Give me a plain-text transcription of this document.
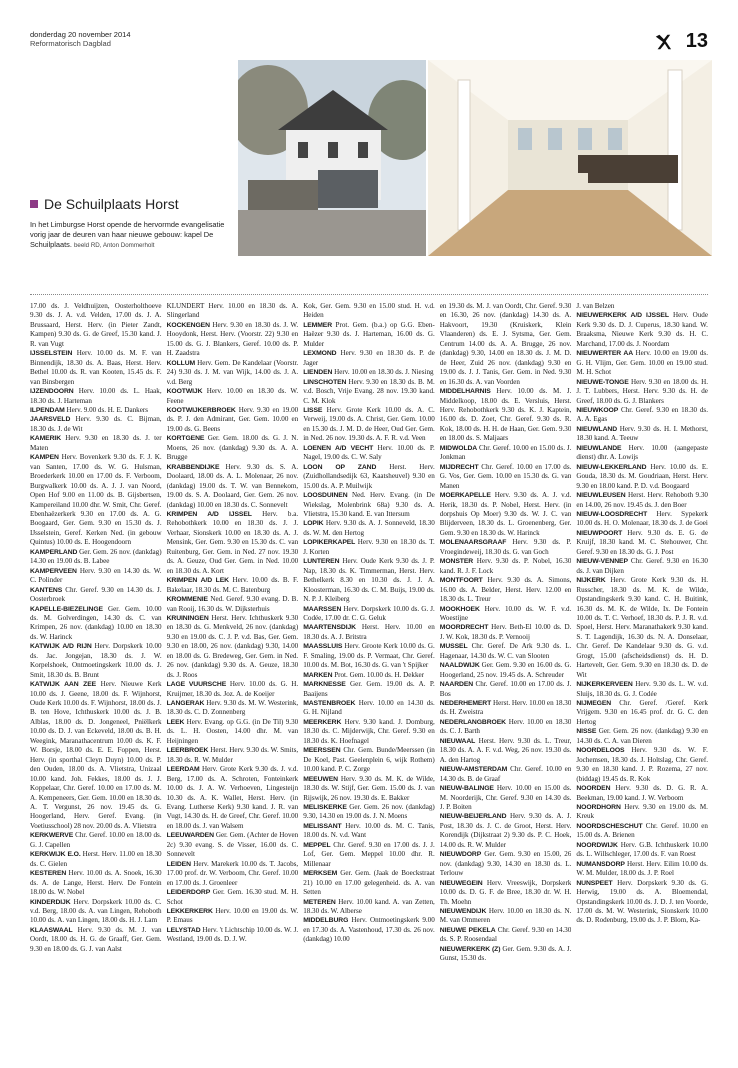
donderdag 20 november 2014
Reformatorisch Dagblad	13
De Schuilplaats Horst
In het Limburgse Horst opende de hervormde evangelisatie vorig jaar de deuren van haar nieuwe gebouw: kapel De Schuilplaats. beeld RD, Anton Dommerholt

17.00 ds. J. Veldhuijzen, Oosterholthoeve 9.30 ds. J. A. v.d. Velden, 17.00 ds. J. A. Brussaard, Herst. Herv. (in Pieter Zandt, Kampen) 9.30 ds. G. de Greef, 15.30 kand. J. R. van Vugt

IJSSELSTEIN Herv. 10.00 ds. M. F. van Binnendijk, 18.30 ds. A. Baas, Herst. Herv. Bethel 10.00 ds. R. van Kooten, 15.45 ds. F. van Binsbergen

IJZENDOORN Herv. 10.00 ds. L. Haak, 18.30 ds. J. Harteman

ILPENDAM Herv. 9.00 ds. H. E. Dankers

JAARSVELD Herv. 9.30 ds. C. Bijman, 18.30 ds. J. de Wit

KAMERIK Herv. 9.30 en 18.30 ds. J. ter Maten

KAMPEN Herv. Bovenkerk 9.30 ds. F. J. K. van Santen, 17.00 ds. W. G. Hulsman, Broederkerk 10.00 en 17.00 ds. F. Verboom, Burgwalkerk 10.00 ds. A. J. J. van Noord, Open Hof 9.00 en 11.00 ds. B. Gijsbertsen, Kampereiland 10.00 dhr. W. Smit, Chr. Geref. Ebenhaëzerkerk 9.30 en 17.00 ds. A. G. Boogaard, Ger. Gem. 9.30 en 15.30 ds. J. IJsselstein, Geref. Kerken Ned. (in gebouw Quintus) 10.00 ds. E. Hoogendoorn

KAMPERLAND Ger. Gem. 26 nov. (dankdag) 14.30 en 19.00 ds. B. Labee

KAMPERVEEN Herv. 9.30 en 14.30 ds. W. C. Polinder

KANTENS Chr. Geref. 9.30 en 14.30 ds. J. Oosterbroek

KAPELLE-BIEZELINGE Ger. Gem. 10.00 ds. M. Golverdingen, 14.30 ds. C. van Krimpen, 26 nov. (dankdag) 10.00 en 18.30 ds. W. Harinck

KATWIJK A/D RIJN Herv. Dorpskerk 10.00 ds. Jac. Jongejan, 18.30 ds. J. W. Korpelshoek, Ontmoetingskerk 10.00 ds. J. Smit, 18.30 ds. B. Brunt

KATWIJK AAN ZEE Herv. Nieuwe Kerk 10.00 ds. J. Geene, 18.00 ds. F. Wijnhorst, Oude Kerk 10.00 ds. F. Wijnhorst, 18.00 ds. J. B. ten Hove, Ichthuskerk 10.00 ds. J. B. Alblas, 18.00 ds. D. Jongeneel, Pniëlkerk 10.00 ds. D. J. van Eckeveld, 18.00 ds. B. H. Weegink, Maranathacentrum 10.00 ds. K. F. W. Borsje, 18.00 ds. E. E. Foppen, Herst. Herv. (in sporthal Cleyn Duyn) 10.00 ds. P. den Ouden, 18.00 ds. A. Vlietstra, Unizaal 10.00 kand. Joh. Fekkes, 18.00 ds. J. J. Koppelaar, Chr. Geref. 10.00 en 17.00 ds. M. A. Kempeneers, Ger. Gem. 10.00 en 18.30 ds. A. T. Vergunst, 26 nov. 19.45 ds. G. Hoogerland, Herv. Geref. Evang. (in Voetiusschool) 28 nov. 20.00 ds. A. Vlietstra

KERKWERVE Chr. Geref. 10.00 en 18.00 ds. G. J. Capellen

KERKWIJK E.O. Herst. Herv. 11.00 en 18.30 ds. C. Gielen

KESTEREN Herv. 10.00 ds. A. Snoek, 16.30 ds. A. de Lange, Herst. Herv. De Fontein 18.00 ds. W. Nobel

KINDERDIJK Herv. Dorpskerk 10.00 ds. C. v.d. Berg, 18.00 ds. A. van Lingen, Rehoboth 10.00 ds. A. van Lingen, 18.00 ds. H. J. Lam

KLAASWAAL Herv. 9.30 ds. M. J. van Oordt, 18.00 ds. H. G. de Graaff, Ger. Gem. 9.30 en 18.00 ds. G. J. van Aalst

KLUNDERT Herv. 10.00 en 18.30 ds. A. Slingerland

KOCKENGEN Herv. 9.30 en 18.30 ds. J. W. Hooydonk, Herst. Herv. (Voorstr. 22) 9.30 en 15.00 ds. G. J. Blankers, Geref. 10.00 ds. P. H. Zaadstra

KOLLUM Herv. Gem. De Kandelaar (Voorstr. 24) 9.30 ds. J. M. van Wijk, 14.00 ds. J. A. v.d. Berg

KOOTWIJK Herv. 10.00 en 18.30 ds. W. Feene

KOOTWIJKERBROEK Herv. 9.30 en 19.00 ds. P. J. den Admirant, Ger. Gem. 10.00 en 19.00 ds. G. Beens

KORTGENE Ger. Gem. 18.00 ds. G. J. N. Moens, 26 nov. (dankdag) 9.30 ds. A. A. Brugge

KRABBENDIJKE Herv. 9.30 ds. S. A. Doolaard, 18.00 ds. A. L. Molenaar, 26 nov. (dankdag) 19.00 ds. T. W. van Bennekom, 19.00 ds. S. A. Doolaard, Ger. Gem. 26 nov. (dankdag) 10.00 en 18.30 ds. C. Sonnevelt

KRIMPEN A/D IJSSEL Herv. b.a. Rehobothkerk 10.00 en 18.30 ds. J. J. Verhaar, Sionskerk 10.00 en 18.30 ds. A. J. Mensink, Ger. Gem. 9.30 en 15.30 ds. C. van Ruitenburg, Ger. Gem. in Ned. 27 nov. 19.30 ds. A. Geuze, Oud Ger. Gem. in Ned. 10.00 en 18.30 ds. A. Kort

KRIMPEN A/D LEK Herv. 10.00 ds. B. F. Bakelaar, 18.30 ds. M. C. Batenburg

KROMMENIE Ned. Geref. 9.30 evang. D. B. van Rooij, 16.30 ds. W. Dijksterhuis

KRUININGEN Herst. Herv. Ichthuskerk 9.30 en 18.30 ds. G. Menkveld, 26 nov. (dankdag) 9.30 en 19.00 ds. C. J. P. v.d. Bas, Ger. Gem. 9.30 en 18.00, 26 nov. (dankdag) 9.30, 14.00 en 18.00 ds. G. Bredeweg, Ger. Gem. in Ned. 26 nov. (dankdag) 9.30 ds. A. Geuze, 18.30 ds. J. Roos

LAGE VUURSCHE Herv. 10.00 ds. G. H. Kruijmer, 18.30 ds. Joz. A. de Koeijer

LANGERAK Herv. 9.30 ds. M. W. Westerink, 18.30 ds. C. D. Zonnenberg

LEEK Herv. Evang. op G.G. (in De Til) 9.30 ds. L. H. Oosten, 14.00 dhr. M. van Heijningen

LEERBROEK Herst. Herv. 9.30 ds. W. Smits, 18.30 ds. R. W. Mulder

LEERDAM Herv. Grote Kerk 9.30 ds. J. v.d. Berg, 17.00 ds. A. Schroten, Fonteinkerk 10.00 ds. J. A. W. Verhoeven, Lingesteijn 10.30 ds. A. K. Wallet, Herst. Herv. (in Evang. Lutherse Kerk) 9.30 kand. J. R. van Vugt, 14.30 ds. H. de Greef, Chr. Geref. 10.00 en 18.00 ds. J. van Walsem

LEEUWARDEN Ger. Gem. (Achter de Hoven 2c) 9.30 evang. S. de Visser, 16.00 ds. C. Sonnevelt

LEIDEN Herv. Marekerk 10.00 ds. T. Jacobs, 17.00 prof. dr. W. Verboom, Chr. Geref. 10.00 en 17.00 ds. J. Groenleer

LEIDERDORP Ger. Gem. 16.30 stud. M. H. Schot

LEKKERKERK Herv. 10.00 en 19.00 ds. W. P. Emaus

LELYSTAD Herv. 't Lichtschip 10.00 ds. W. J. Westland, 19.00 ds. D. J. W.

Kok, Ger. Gem. 9.30 en 15.00 stud. H. v.d. Heiden

LEMMER Prot. Gem. (b.a.) op G.G. Eben-Haëzer 9.30 ds. J. Harteman, 16.00 ds. G. Mulder

LEXMOND Herv. 9.30 en 18.30 ds. P. de Jager

LIENDEN Herv. 10.00 en 18.30 ds. J. Niesing

LINSCHOTEN Herv. 9.30 en 18.30 ds. B. M. v.d. Bosch, Vrije Evang. 28 nov. 19.30 kand. C. M. Klok

LISSE Herv. Grote Kerk 10.00 ds. A. C. Verweij, 19.00 ds. A. Christ, Ger. Gem. 10.00 en 15.30 ds. J. M. D. de Heer, Oud Ger. Gem. in Ned. 26 nov. 19.30 ds. A. F. R. v.d. Veen

LOENEN A/D VECHT Herv. 10.00 ds. P. Nagel, 19.00 ds. C. W. Saly

LOON OP ZAND Herst. Herv. (Zuidhollandsedijk 63, Kaatsheuvel) 9.30 en 15.00 ds. A. P. Muilwijk

LOOSDUINEN Ned. Herv. Evang. (in De Wiekslag, Molenbrink 68a) 9.30 ds. A. Vlietstra, 15.30 kand. E. van Ittersum

LOPIK Herv. 9.30 ds. A. J. Sonneveld, 18.30 ds. W. M. den Hertog

LOPIKERKAPEL Herv. 9.30 en 18.30 ds. T. J. Korten

LUNTEREN Herv. Oude Kerk 9.30 ds. J. P. Nap, 18.30 ds. K. Timmerman, Herst. Herv. Bethelkerk 8.30 en 10.30 ds. J. J. A. Kloosterman, 16.30 ds. C. M. Buijs, 19.00 ds. N. P. J. Kleiberg

MAARSSEN Herv. Dorpskerk 10.00 ds. G. J. Codée, 17.00 dr. C. G. Geluk

MAARTENSDIJK Herst. Herv. 10.00 en 18.30 ds. A. J. Britstra

MAASSLUIS Herv. Groote Kerk 10.00 ds. G. F. Smaling, 19.00 ds. P. Vermaat, Chr. Geref. 10.00 ds. M. Bot, 16.30 ds. G. van 't Spijker

MARKEN Prot. Gem. 10.00 ds. H. Dekker

MARKNESSE Ger. Gem. 19.00 ds. A. P. Baaijens

MASTENBROEK Herv. 10.00 en 14.30 ds. G. H. Nijland

MEERKERK Herv. 9.30 kand. J. Domburg, 18.30 ds. C. Mijderwijk, Chr. Geref. 9.30 en 18.30 ds. K. Hoefnagel

MEERSSEN Chr. Gem. Bunde/Meerssen (in De Koel, Past. Geelenplein 6, wijk Rothem) 10.00 kand. P. C. Zorge

MEEUWEN Herv. 9.30 ds. M. K. de Wilde, 18.30 ds. W. Stijf, Ger. Gem. 15.00 ds. J. van Rijswijk, 26 nov. 19.30 ds. E. Bakker

MELISKERKE Ger. Gem. 26 nov. (dankdag) 9.30, 14.30 en 19.00 ds. J. N. Moens

MELISSANT Herv. 10.00 ds. M. C. Tanis, 18.00 ds. N. v.d. Want

MEPPEL Chr. Geref. 9.30 en 17.00 ds. J. J. Lof, Ger. Gem. Meppel 10.00 dhr. R. Millenaar

MERKSEM Ger. Gem. (Jaak de Boeckstraat 21) 10.00 en 17.00 gelegenheid. ds. A. van Setten

METEREN Herv. 10.00 kand. A. van Zetten, 18.30 ds. W. Alberse

MIDDELBURG Herv. Ontmoetingskerk 9.00 en 17.30 ds. A. Vastenhoud, 17.30 ds. 26 nov. (dankdag) 10.00

en 19.30 ds. M. J. van Oordt, Chr. Geref. 9.30 en 16.30, 26 nov. (dankdag) 14.30 ds. A. Hakvoort, 19.30 (Kruiskerk, Klein Vlaanderen) ds. E. J. Sytsma, Ger. Gem. Centrum 14.00 ds. A. A. Brugge, 26 nov. (dankdag) 9.30, 14.00 en 18.30 ds. J. M. D. de Heer, Zuid 26 nov. (dankdag) 9.30 en 19.00 ds. J. J. Tanis, Ger. Gem. in Ned. 9.30 en 16.30 ds. A. van Voorden

MIDDELHARNIS Herv. 10.00 ds. M. J. Middelkoop, 18.00 ds. E. Versluis, Herst. Herv. Rehobothkerk 9.30 ds. K. J. Kaptein, 16.00 ds. D. Zoet, Chr. Geref. 9.30 ds. R. Kok, 18.00 ds. H. H. de Haan, Ger. Gem. 9.30 en 18.00 ds. S. Maljaars

MIDWOLDA Chr. Geref. 10.00 en 15.00 ds. J. Jonkman

MIJDRECHT Chr. Geref. 10.00 en 17.00 ds. G. Vos, Ger. Gem. 10.00 en 15.30 ds. G. van Manen

MOERKAPELLE Herv. 9.30 ds. A. J. v.d. Herik, 18.30 ds. P. Nobel, Herst. Herv. (in dorpshuis Op Moer) 9.30 ds. W. J. C. van Blijderveen, 18.30 ds. L. Groenenberg, Ger. Gem. 9.30 en 18.30 ds. W. Harinck

MOLENAARSGRAAF Herv. 9.30 ds. P. Vroegindeweij, 18.30 ds. G. van Goch

MONSTER Herv. 9.30 ds. P. Nobel, 16.30 kand. R. J. F. Lock

MONTFOORT Herv. 9.30 ds. A. Simons, 16.00 ds. A. Belder, Herst. Herv. 12.00 en 18.30 ds. L. Treur

MOOKHOEK Herv. 10.00 ds. W. F. v.d. Woestijne

MOORDRECHT Herv. Beth-El 10.00 ds. D. J. W. Kok, 18.30 ds. P. Vernooij

MUSSEL Chr. Geref. De Ark 9.30 ds. L. Hagenaar, 14.30 ds. W. C. van Slooten

NAALDWIJK Ger. Gem. 9.30 en 16.00 ds. G. Hoogerland, 25 nov. 19.45 ds. A. Schreuder

NAARDEN Chr. Geref. 10.00 en 17.00 ds. J. Bos

NEDERHEMERT Herst. Herv. 10.00 en 18.30 ds. H. Zweistra

NEDERLANGBROEK Herv. 10.00 en 18.30 ds. C. J. Barth

NIEUWAAL Herst. Herv. 9.30 ds. L. Treur, 18.30 ds. A. A. F. v.d. Weg, 26 nov. 19.30 ds. A. den Hartog

NIEUW-AMSTERDAM Chr. Geref. 10.00 en 14.30 ds. B. de Graaf

NIEUW-BALINGE Herv. 10.00 en 15.00 ds. M. Noorderijk, Chr. Geref. 9.30 en 14.30 ds. J. P. Boiten

NIEUW-BEIJERLAND Herv. 9.30 ds. A. J. Post, 18.30 ds. J. C. de Groot, Herst. Herv. Korendijk (Dijkstraat 2) 9.30 ds. P. C. Hoek, 14.00 ds. R. W. Mulder

NIEUWDORP Ger. Gem. 9.30 en 15.00, 26 nov. (dankdag) 9.30, 14.30 en 18.30 ds. L. Terlouw

NIEUWEGEIN Herv. Vreeswijk, Dorpskerk 10.00 ds. D. G. F. de Bree, 18.30 dr. W. H. Th. Moehn

NIEUWENDIJK Herv. 10.00 en 18.30 ds. N. M. van Ommeren

NIEUWE PEKELA Chr. Geref. 9.30 en 14.30 ds. S. P. Roosendaal

NIEUWERKERK (Z) Ger. Gem. 9.30 ds. A. J. Gunst, 15.30 ds.

J. van Belzen

NIEUWERKERK A/D IJSSEL Herv. Oude Kerk 9.30 ds. D. J. Cuperus, 18.30 kand. W. Braaksma, Nieuwe Kerk 9.30 ds. H. C. Marchand, 17.00 ds. J. Noordam

NIEUWERTER AA Herv. 10.00 en 19.00 ds. G. H. Vlijm, Ger. Gem. 10.00 en 19.00 stud. M. H. Schot

NIEUWE-TONGE Herv. 9.30 en 18.00 ds. H. J. T. Lubbers, Herst. Herv. 9.30 ds. H. de Greef, 18.00 ds. G. J. Blankers

NIEUWKOOP Chr. Geref. 9.30 en 18.30 ds. A. A. Egas

NIEUWLAND Herv. 9.30 ds. H. I. Methorst, 18.30 kand. A. Teeuw

NIEUWLANDE Herv. 10.00 (aangepaste dienst) dhr. A. Lowijs

NIEUW-LEKKERLAND Herv. 10.00 ds. E. Gouda, 18.30 ds. M. Goudriaan, Herst. Herv. 9.30 en 18.00 kand. P. D. v.d. Boogaard

NIEUWLEUSEN Herst. Herv. Rehoboth 9.30 en 14.00, 26 nov. 19.45 ds. J. den Boer

NIEUW-LOOSDRECHT Herv. Sypekerk 10.00 ds. H. O. Molenaar, 18.30 ds. J. de Goei

NIEUWPOORT Herv. 9.30 ds. E. G. de Kruijf, 18.30 kand. M. C. Stehouwer, Chr. Geref. 9.30 en 18.30 ds. G. J. Post

NIEUW-VENNEP Chr. Geref. 9.30 en 16.30 ds. J. van Dijken

NIJKERK Herv. Grote Kerk 9.30 ds. H. Russcher, 18.30 ds. M. K. de Wilde, Opstandingskerk 9.30 kand. C. H. Buitink, 16.30 ds. M. K. de Wilde, Ix. De Fontein 10.00 ds. T. C. Verhoef, 18.30 ds. P. J. R. v.d. Spoel, Herst. Herv. Maranathakerk 9.30 kand. S. T. Lagendijk, 16.30 ds. N. A. Donselaar, Chr. Geref. De Kandelaar 9.30 ds. G. v.d. Grogt, 15.00 (afscheidsdienst) ds. H. D. Hartevelt, Ger. Gem. 9.30 en 18.30 ds. D. de Wit

NIJKERKERVEEN Herv. 9.30 ds. L. W. v.d. Sluijs, 18.30 ds. G. J. Codée

NIJMEGEN Chr. Geref. /Geref. Kerk Vrijgem. 9.30 en 16.45 prof. dr. G. C. den Hertog

NISSE Ger. Gem. 26 nov. (dankdag) 9.30 en 14.30 ds. C. A. van Dieren

NOORDELOOS Herv. 9.30 ds. W. F. Jochemsen, 18.30 ds. J. Holtslag, Chr. Geref. 9.30 en 18.30 kand. J. P. Rozema, 27 nov. (biddag) 19.45 ds. R. Kok

NOORDEN Herv. 9.30 ds. D. G. R. A. Beekman, 19.00 kand. J. W. Verboom

NOORDHORN Herv. 9.30 en 19.00 ds. M. Kreuk

NOORDSCHESCHUT Chr. Geref. 10.00 en 15.00 ds. A. Brienen

NOORDWIJK Herv. G.B. Ichthuskerk 10.00 ds. L. Willschleger, 17.00 ds. F. van Roest

NUMANSDORP Herst. Herv. Eilim 10.00 ds. W. M. Mulder, 18.00 ds. J. P. Roel

NUNSPEET Herv. Dorpskerk 9.30 ds. G. Herwig, 19.00 ds. A. Bloemendal, Opstandingskerk 10.00 ds. J. D. J. ten Voorde, 17.00 ds. M. W. Westerink, Sionskerk 10.00 ds. D. Rodenburg, 19.00 ds. J. P. Blom, Ka-
